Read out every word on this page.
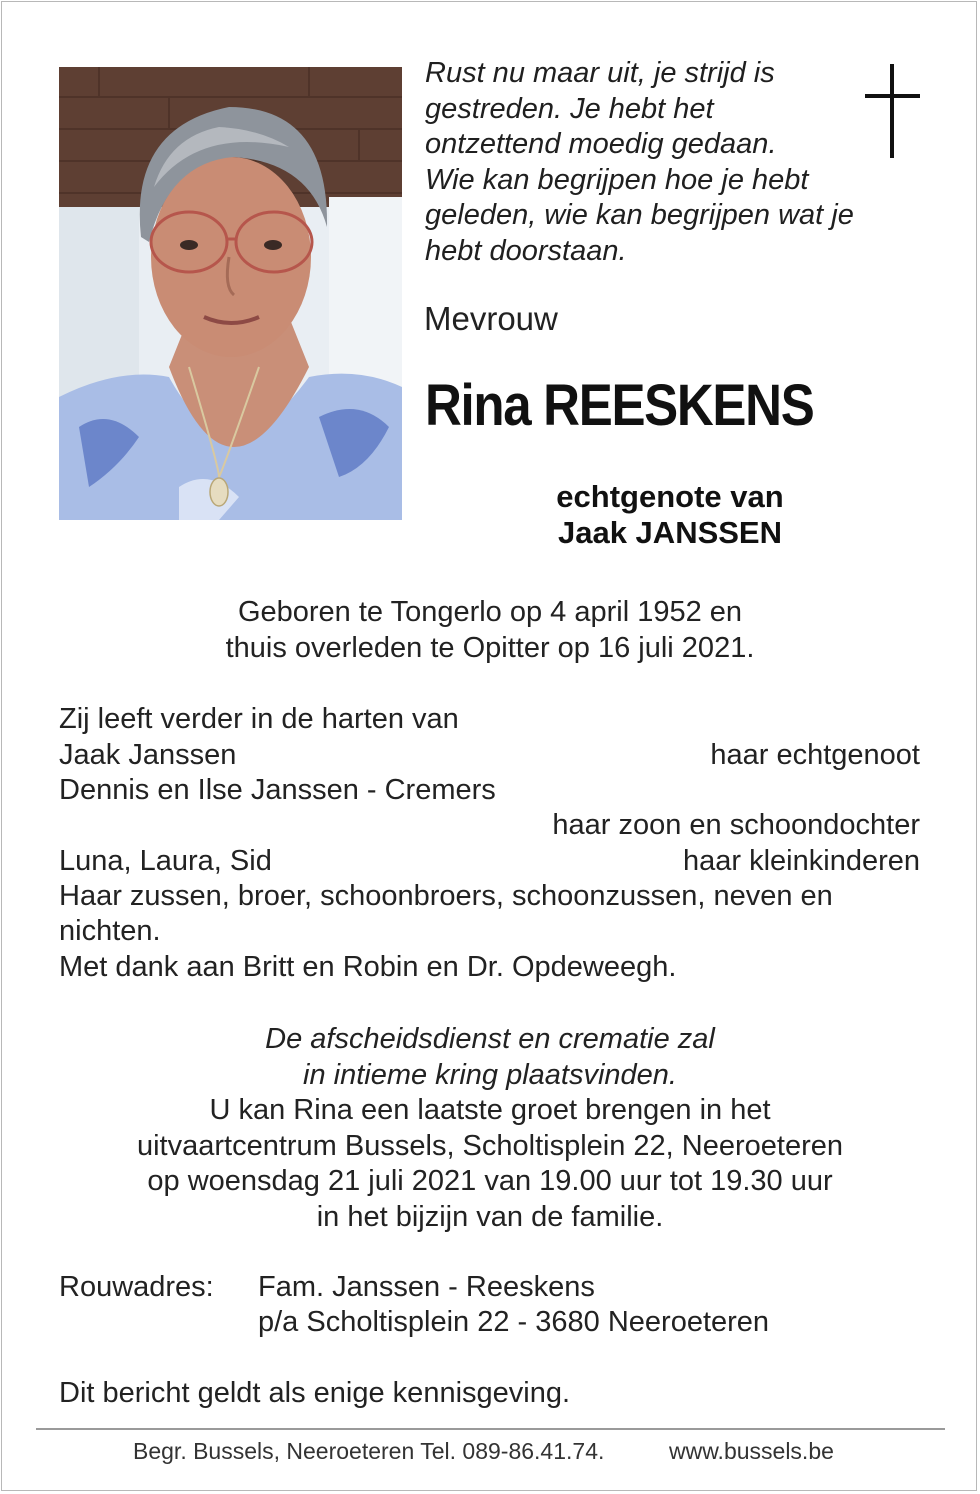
Rust nu maar uit, je strijd is
gestreden. Je hebt het
ontzettend moedig gedaan.
Wie kan begrijpen hoe je hebt
geleden, wie kan begrijpen wat je
hebt doorstaan.
Mevrouw
Rina REESKENS
echtgenote van
Jaak JANSSEN
Geboren te Tongerlo op 4 april 1952 en
thuis overleden te Opitter op 16 juli 2021.
Zij leeft verder in de harten van
Jaak Janssen	haar echtgenoot
Dennis en Ilse Janssen - Cremers
haar zoon en schoondochter
Luna, Laura, Sid	haar kleinkinderen
Haar zussen, broer, schoonbroers, schoonzussen, neven en
nichten.
Met dank aan Britt en Robin en Dr. Opdeweegh.
De afscheidsdienst en crematie zal
in intieme kring plaatsvinden.
U kan Rina een laatste groet brengen in het
uitvaartcentrum Bussels, Scholtisplein 22, Neeroeteren
op woensdag 21 juli 2021 van 19.00 uur tot 19.30 uur
in het bijzijn van de familie.
Rouwadres: Fam. Janssen - Reeskens
p/a Scholtisplein 22 - 3680 Neeroeteren
Dit bericht geldt als enige kennisgeving.
Begr. Bussels, Neeroeteren Tel. 089-86.41.74.	www.bussels.be
